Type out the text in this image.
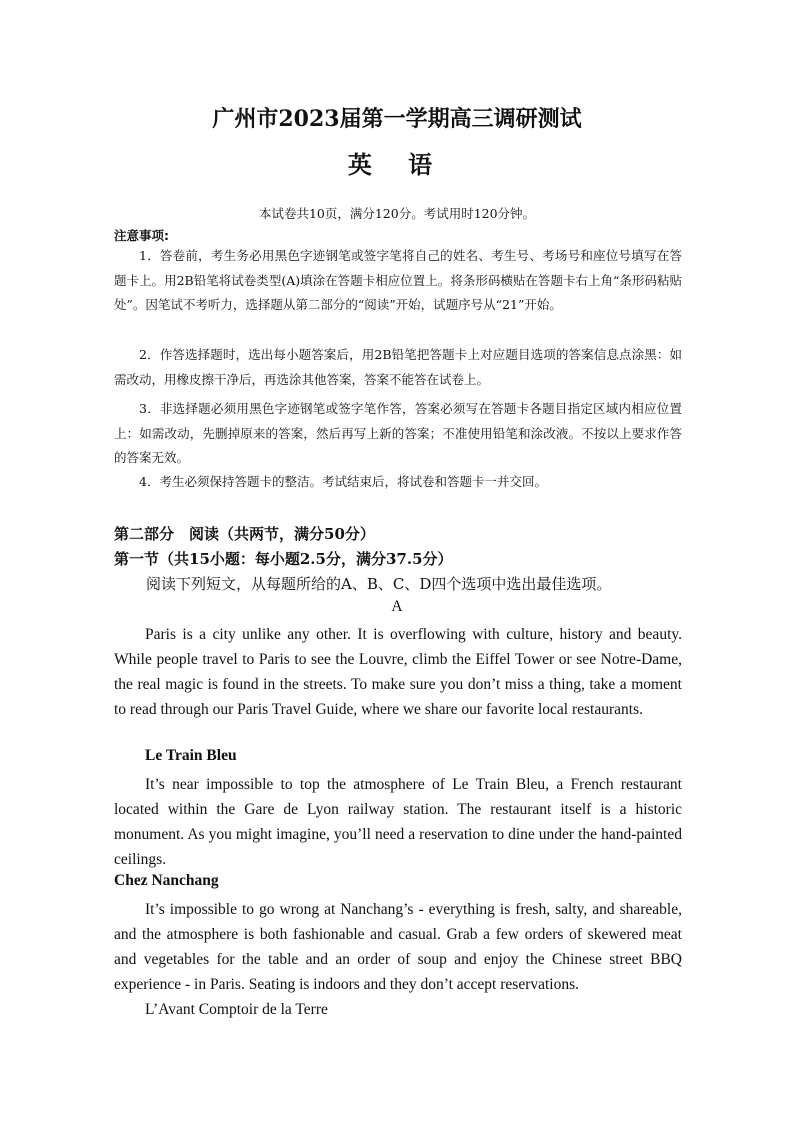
广州市2023届第一学期高三调研测试
英 语
本试卷共10页，满分120分。考试用时120分钟。
注意事项:
1．答卷前，考生务必用黑色字迹钢笔或签字笔将自己的姓名、考生号、考场号和座位号填写在答题卡上。用2B铅笔将试卷类型(A)填涂在答题卡相应位置上。将条形码横贴在答题卡右上角“条形码粘贴处”。因笔试不考听力，选择题从第二部分的“阅读”开始，试题序号从“21”开始。
2．作答选择题时，选出每小题答案后，用2B铅笔把答题卡上对应题目选项的答案信息点涂黑：如需改动，用橡皮擦干净后，再选涂其他答案，答案不能答在试卷上。
3．非选择题必须用黑色字迹钢笔或签字笔作答，答案必须写在答题卡各题目指定区域内相应位置上：如需改动，先删掉原来的答案，然后再写上新的答案；不准使用铅笔和涂改液。不按以上要求作答的答案无效。
4．考生必须保持答题卡的整洁。考试结束后，将试卷和答题卡一并交回。
第二部分　阅读（共两节，满分50分）
第一节（共15小题：每小题2.5分，满分37.5分）
阅读下列短文，从每题所给的A、B、C、D四个选项中选出最佳选项。
A
Paris is a city unlike any other. It is overflowing with culture, history and beauty. While people travel to Paris to see the Louvre, climb the Eiffel Tower or see Notre-Dame, the real magic is found in the streets. To make sure you don’t miss a thing, take a moment to read through our Paris Travel Guide, where we share our favorite local restaurants.
Le Train Bleu
It’s near impossible to top the atmosphere of Le Train Bleu, a French restaurant located within the Gare de Lyon railway station. The restaurant itself is a historic monument. As you might imagine, you’ll need a reservation to dine under the hand-painted ceilings.
Chez Nanchang
It’s impossible to go wrong at Nanchang’s - everything is fresh, salty, and shareable, and the atmosphere is both fashionable and casual. Grab a few orders of skewered meat and vegetables for the table and an order of soup and enjoy the Chinese street BBQ experience - in Paris. Seating is indoors and they don’t accept reservations.
L’Avant Comptoir de la Terre
